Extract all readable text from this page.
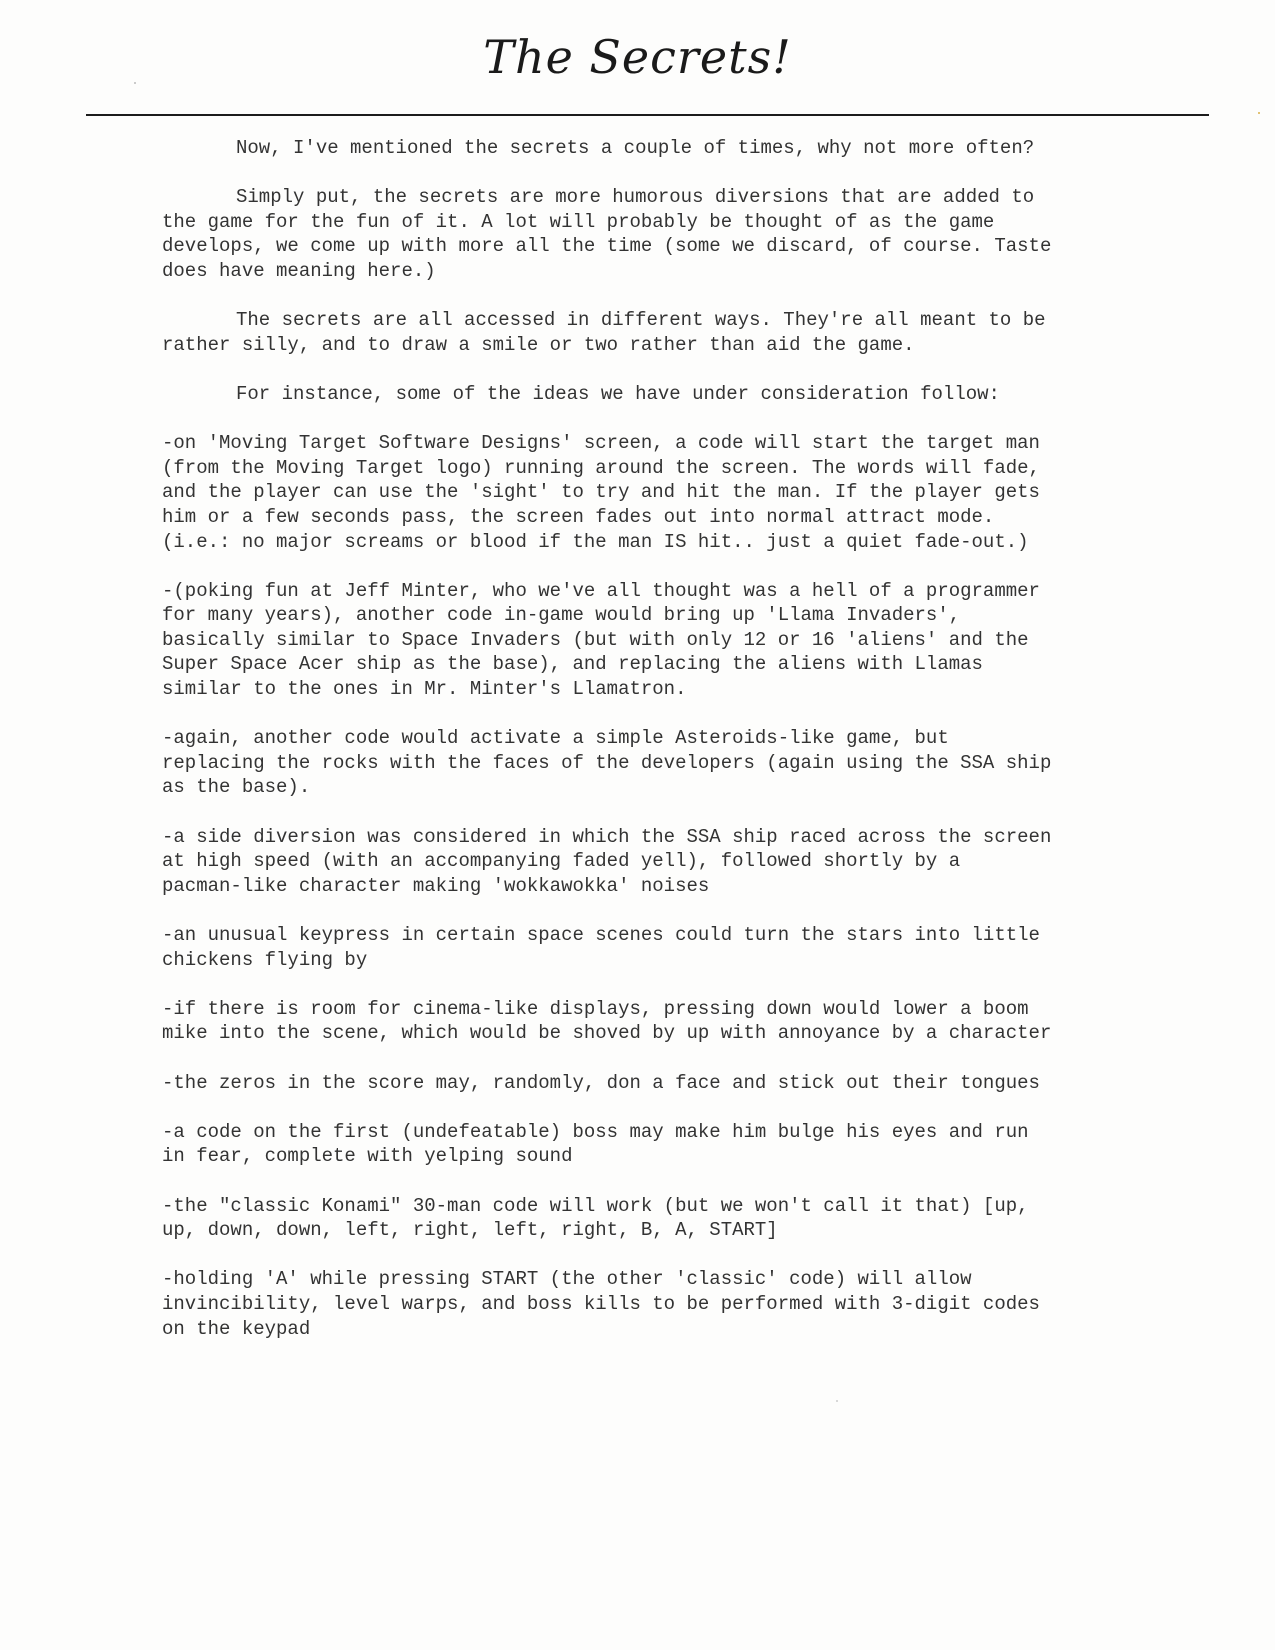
The Secrets!
Now, I've mentioned the secrets a couple of times, why not more often?
Simply put, the secrets are more humorous diversions that are added to
the game for the fun of it. A lot will probably be thought of as the game
develops, we come up with more all the time (some we discard, of course. Taste
does have meaning here.)
The secrets are all accessed in different ways. They're all meant to be
rather silly, and to draw a smile or two rather than aid the game.
For instance, some of the ideas we have under consideration follow:
-on 'Moving Target Software Designs' screen, a code will start the target man
(from the Moving Target logo) running around the screen. The words will fade,
and the player can use the 'sight' to try and hit the man. If the player gets
him or a few seconds pass, the screen fades out into normal attract mode.
(i.e.: no major screams or blood if the man IS hit.. just a quiet fade-out.)
-(poking fun at Jeff Minter, who we've all thought was a hell of a programmer
for many years), another code in-game would bring up 'Llama Invaders',
basically similar to Space Invaders (but with only 12 or 16 'aliens' and the
Super Space Acer ship as the base), and replacing the aliens with Llamas
similar to the ones in Mr. Minter's Llamatron.
-again, another code would activate a simple Asteroids-like game, but
replacing the rocks with the faces of the developers (again using the SSA ship
as the base).
-a side diversion was considered in which the SSA ship raced across the screen
at high speed (with an accompanying faded yell), followed shortly by a
pacman-like character making 'wokkawokka' noises
-an unusual keypress in certain space scenes could turn the stars into little
chickens flying by
-if there is room for cinema-like displays, pressing down would lower a boom
mike into the scene, which would be shoved by up with annoyance by a character
-the zeros in the score may, randomly, don a face and stick out their tongues
-a code on the first (undefeatable) boss may make him bulge his eyes and run
in fear, complete with yelping sound
-the "classic Konami" 30-man code will work (but we won't call it that) [up,
up, down, down, left, right, left, right, B, A, START]
-holding 'A' while pressing START (the other 'classic' code) will allow
invincibility, level warps, and boss kills to be performed with 3-digit codes
on the keypad
